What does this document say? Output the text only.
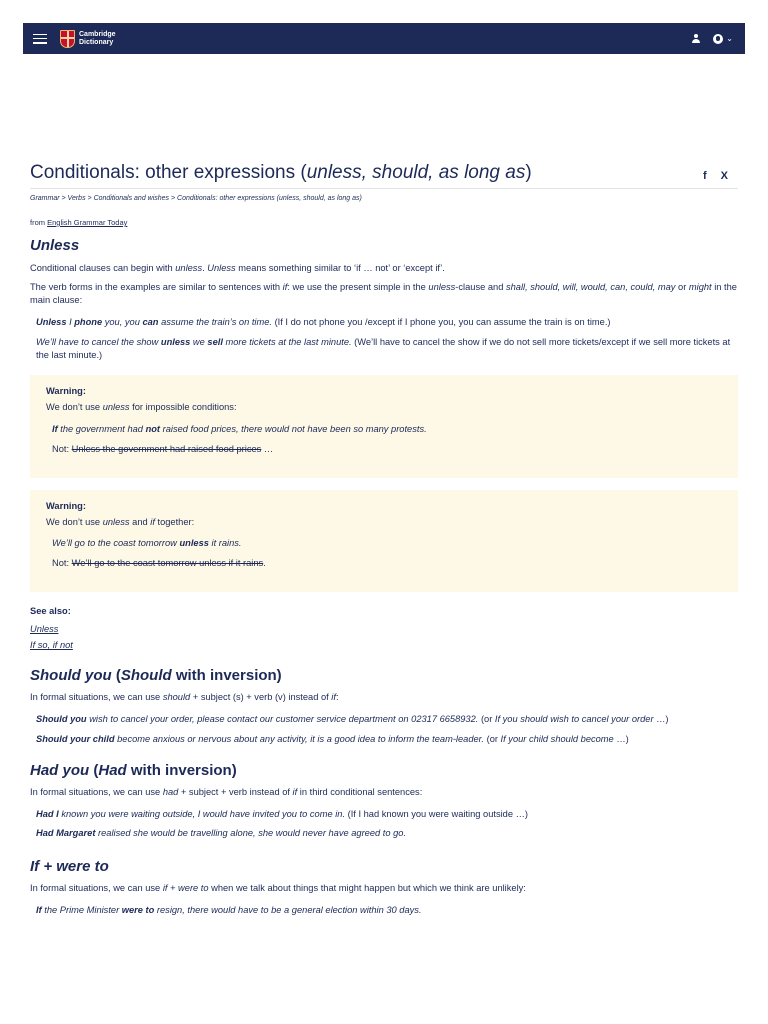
Cambridge
Dictionary	⌄
Conditionals: other expressions (unless, should, as long as)	f X
Grammar > Verbs > Conditionals and wishes > Conditionals: other expressions (unless, should, as long as)
from English Grammar Today
Unless

Conditional clauses can begin with unless. Unless means something similar to ‘if … not’ or ‘except if’.

The verb forms in the examples are similar to sentences with if: we use the present simple in the unless-clause and shall, should, will, would, can, could, may or might in the main clause:

Unless I phone you, you can assume the train’s on time. (If I do not phone you /except if I phone you, you can assume the train is on time.)
We’ll have to cancel the show unless we sell more tickets at the last minute. (We’ll have to cancel the show if we do not sell more tickets/except if we sell more tickets at the last minute.)
Warning:

We don’t use unless for impossible conditions:

If the government had not raised food prices, there would not have been so many protests.

Not: Unless the government had raised food prices …

Warning:

We don’t use unless and if together:

We’ll go to the coast tomorrow unless it rains.

Not: We’ll go to the coast tomorrow unless if it rains.

See also:

Unless
If so, if not
Should you (Should with inversion)

In formal situations, we can use should + subject (s) + verb (v) instead of if:

Should you wish to cancel your order, please contact our customer service department on 02317 6658932. (or If you should wish to cancel your order …)
Should your child become anxious or nervous about any activity, it is a good idea to inform the team-leader. (or If your child should become …)
Had you (Had with inversion)

In formal situations, we can use had + subject + verb instead of if in third conditional sentences:

Had I known you were waiting outside, I would have invited you to come in. (If I had known you were waiting outside …)
Had Margaret realised she would be travelling alone, she would never have agreed to go.
If + were to

In formal situations, we can use if + were to when we talk about things that might happen but which we think are unlikely:

If the Prime Minister were to resign, there would have to be a general election within 30 days.
